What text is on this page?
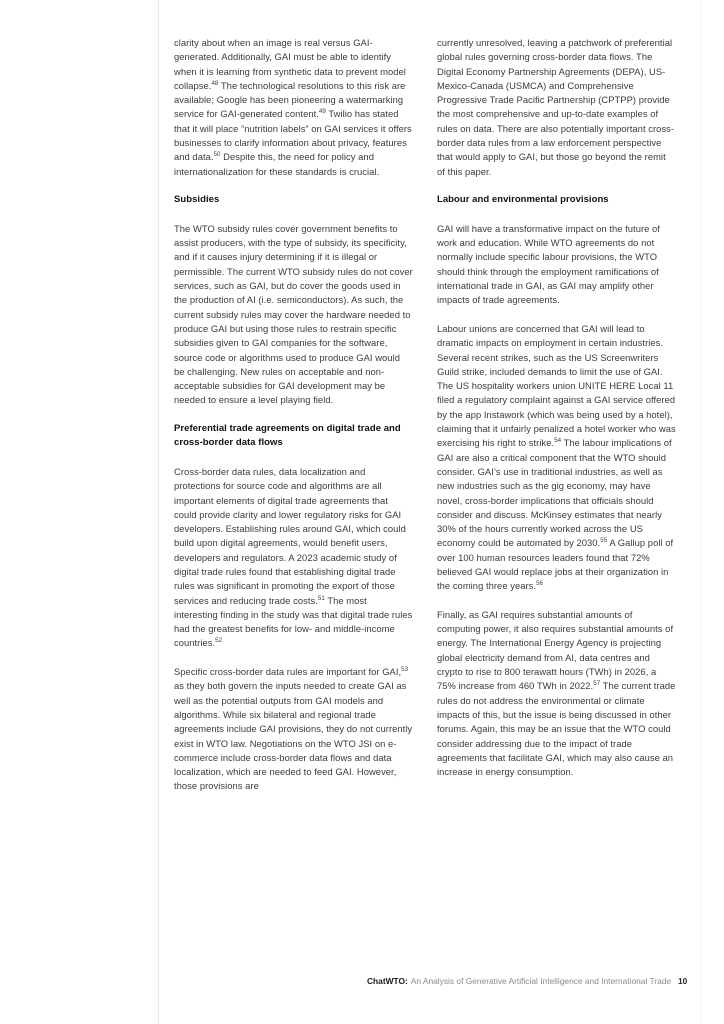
clarity about when an image is real versus GAI-generated. Additionally, GAI must be able to identify when it is learning from synthetic data to prevent model collapse.$^{48}$ The technological resolutions to this risk are available; Google has been pioneering a watermarking service for GAI-generated content.$^{49}$ Twilio has stated that it will place “nutrition labels” on GAI services it offers businesses to clarify information about privacy, features and data.$^{50}$ Despite this, the need for policy and internationalization for these standards is crucial.

Subsidies

The WTO subsidy rules cover government benefits to assist producers, with the type of subsidy, its specificity, and if it causes injury determining if it is illegal or permissible. The current WTO subsidy rules do not cover services, such as GAI, but do cover the goods used in the production of AI (i.e. semiconductors). As such, the current subsidy rules may cover the hardware needed to produce GAI but using those rules to restrain specific subsidies given to GAI companies for the software, source code or algorithms used to produce GAI would be challenging. New rules on acceptable and non-acceptable subsidies for GAI development may be needed to ensure a level playing field.

Preferential trade agreements on digital trade and cross-border data flows

Cross-border data rules, data localization and protections for source code and algorithms are all important elements of digital trade agreements that could provide clarity and lower regulatory risks for GAI developers. Establishing rules around GAI, which could build upon digital agreements, would benefit users, developers and regulators. A 2023 academic study of digital trade rules found that establishing digital trade rules was significant in promoting the export of those services and reducing trade costs.$^{51}$ The most interesting finding in the study was that digital trade rules had the greatest benefits for low- and middle-income countries.$^{52}$

Specific cross-border data rules are important for GAI,$^{53}$ as they both govern the inputs needed to create GAI as well as the potential outputs from GAI models and algorithms. While six bilateral and regional trade agreements include GAI provisions, they do not currently exist in WTO law. Negotiations on the WTO JSI on e-commerce include cross-border data flows and data localization, which are needed to feed GAI. However, those provisions are

currently unresolved, leaving a patchwork of preferential global rules governing cross-border data flows. The Digital Economy Partnership Agreements (DEPA), US-Mexico-Canada (USMCA) and Comprehensive Progressive Trade Pacific Partnership (CPTPP) provide the most comprehensive and up-to-date examples of rules on data. There are also potentially important cross-border data rules from a law enforcement perspective that would apply to GAI, but those go beyond the remit of this paper.

Labour and environmental provisions

GAI will have a transformative impact on the future of work and education. While WTO agreements do not normally include specific labour provisions, the WTO should think through the employment ramifications of international trade in GAI, as GAI may amplify other impacts of trade agreements.

Labour unions are concerned that GAI will lead to dramatic impacts on employment in certain industries. Several recent strikes, such as the US Screenwriters Guild strike, included demands to limit the use of GAI. The US hospitality workers union UNITE HERE Local 11 filed a regulatory complaint against a GAI service offered by the app Instawork (which was being used by a hotel), claiming that it unfairly penalized a hotel worker who was exercising his right to strike.$^{54}$ The labour implications of GAI are also a critical component that the WTO should consider. GAI’s use in traditional industries, as well as new industries such as the gig economy, may have novel, cross-border implications that officials should consider and discuss. McKinsey estimates that nearly 30% of the hours currently worked across the US economy could be automated by 2030.55 A Gallup poll of over 100 human resources leaders found that 72% believed GAI would replace jobs at their organization in the coming three years.$^{56}$

Finally, as GAI requires substantial amounts of computing power, it also requires substantial amounts of energy. The International Energy Agency is projecting global electricity demand from AI, data centres and crypto to rise to 800 terawatt hours (TWh) in 2026, a 75% increase from 460 TWh in 2022.57 The current trade rules do not address the environmental or climate impacts of this, but the issue is being discussed in other forums. Again, this may be an issue that the WTO could consider addressing due to the impact of trade agreements that facilitate GAI, which may also cause an increase in energy consumption.

ChatWTO: An Analysis of Generative Artificial Intelligence and International Trade 10
